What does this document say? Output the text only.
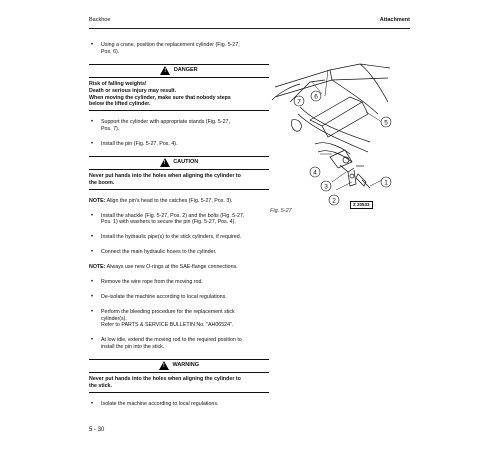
Backhoe	Attachment
• Using a crane, position the replacement cylinder (Fig. 5-27,
Pos. 6).
! DANGER
Risk of falling weights!
Death or serious injury may result.
When moving the cylinder, make sure that nobody steps
below the lifted cylinder.
• Support the cylinder with appropriate stands (Fig. 5-27,
Pos. 7).
• Install the pin (Fig. 5-27, Pos. 4).
! CAUTION
Never put hands into the holes when aligning the cylinder to
the boom.
NOTE: Align the pin's head to the catches (Fig. 5-27, Pos. 3).
• Install the shackle (Fig. 5-27, Pos. 2) and the bolts (Fig. 5-27,
Pos. 1) with washers to secure the pin (Fig. 5-27, Pos. 4).
• Install the hydraulic pipe(s) to the stick cylinders, if required.
• Connect the main hydraulic hoses to the cylinder.
NOTE: Always use new O-rings at the SAE-flange connections.
• Remove the wire rope from the moving rod.
• De-isolate the machine according to local regulations.
• Perform the bleeding procedure for the replacement stick
cylinder(s).
Refer to PARTS & SERVICE BULLETIN No. "AH06524".
• At low idle, extend the moving rod to the required position to
install the pin into the stick.
! WARNING
Never put hands into the holes when aligning the cylinder to
the stick.
• Isolate the machine according to local regulations.
7
6
5
4
3
2
1
Z 20533
Fig. 5-27
5 - 30
